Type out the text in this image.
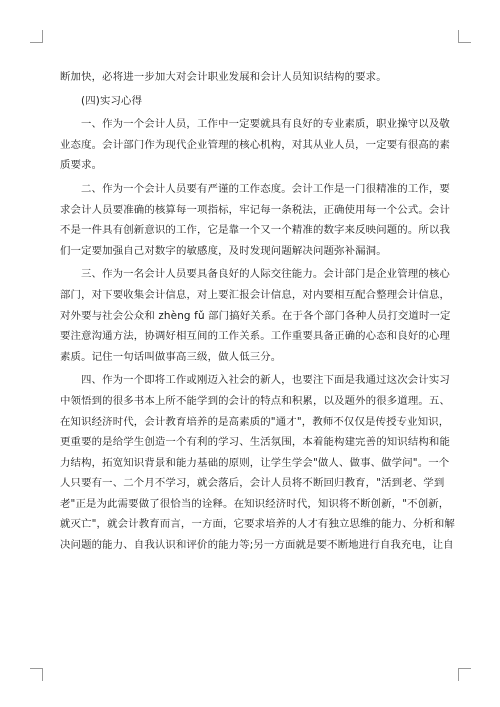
断加快，必将进一步加大对会计职业发展和会计人员知识结构的要求。

(四)实习心得

一、作为一个会计人员，工作中一定要就具有良好的专业素质，职业操守以及敬
业态度。会计部门作为现代企业管理的核心机构，对其从业人员，一定要有很高的素
质要求。

二、作为一个会计人员要有严谨的工作态度。会计工作是一门很精准的工作，要
求会计人员要准确的核算每一项指标，牢记每一条税法，正确使用每一个公式。会计
不是一件具有创新意识的工作，它是靠一个又一个精准的数字来反映问题的。所以我
们一定要加强自己对数字的敏感度，及时发现问题解决问题弥补漏洞。

三、作为一名会计人员要具备良好的人际交往能力。会计部门是企业管理的核心
部门，对下要收集会计信息，对上要汇报会计信息，对内要相互配合整理会计信息，
对外要与社会公众和 zhèng fǔ 部门搞好关系。在于各个部门各种人员打交道时一定
要注意沟通方法，协调好相互间的工作关系。工作重要具备正确的心态和良好的心理
素质。记住一句话叫做事高三级，做人低三分。

四、作为一个即将工作或刚迈入社会的新人，也要注下面是我通过这次会计实习
中领悟到的很多书本上所不能学到的会计的特点和积累，以及题外的很多道理。五、
在知识经济时代，会计教育培养的是高素质的"通才"，教师不仅仅是传授专业知识，
更重要的是给学生创造一个有利的学习、生活氛围，本着能构建完善的知识结构和能
力结构，拓宽知识背景和能力基础的原则，让学生学会"做人、做事、做学问"。一个
人只要有一、二个月不学习，就会落后，会计人员将不断回归教育，"活到老、学到
老"正是为此需要做了很恰当的诠释。在知识经济时代，知识将不断创新，"不创新，
就灭亡"，就会计教育而言，一方面，它要求培养的人才有独立思维的能力、分析和解
决问题的能力、自我认识和评价的能力等;另一方面就是要不断地进行自我充电，让自
